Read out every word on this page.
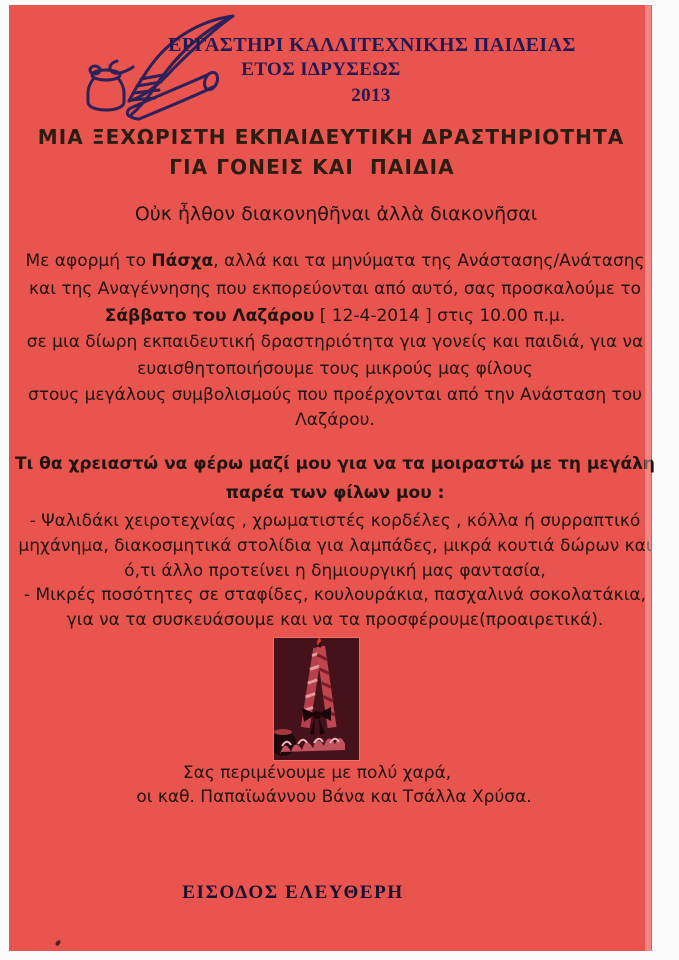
ΕΡΓΑΣΤΗΡΙ ΚΑΛΛΙΤΕΧΝΙΚΗΣ ΠΑΙΔΕΙΑΣ
ΕΤΟΣ ΙΔΡΥΣΕΩΣ
2013
ΜΙΑ ΞΕΧΩΡΙΣΤΗ ΕΚΠΑΙΔΕΥΤΙΚΗ ΔΡΑΣΤΗΡΙΟΤΗΤΑ
ΓΙΑ ΓΟΝΕΙΣ ΚΑΙ  ΠΑΙΔΙΑ
Οὐκ ἦλθον διακονηθῆναι ἀλλὰ διακονῆσαι
Με αφορμή το Πάσχα, αλλά και τα μηνύματα της Ανάστασης/Ανάτασης
και της Αναγέννησης που εκπορεύονται από αυτό, σας προσκαλούμε το
Σάββατο του Λαζάρου [ 12-4-2014 ] στις 10.00 π.μ.
σε μια δίωρη εκπαιδευτική δραστηριότητα για γονείς και παιδιά, για να
ευαισθητοποιήσουμε τους μικρούς μας φίλους
στους μεγάλους συμβολισμούς που προέρχονται από την Ανάσταση του
Λαζάρου.
Τι θα χρειαστώ να φέρω μαζί μου για να τα μοιραστώ με τη μεγάλη
παρέα των φίλων μου :
- Ψαλιδάκι χειροτεχνίας , χρωματιστές κορδέλες , κόλλα ή συρραπτικό
μηχάνημα, διακοσμητικά στολίδια για λαμπάδες, μικρά κουτιά δώρων και
ό,τι άλλο προτείνει η δημιουργική μας φαντασία,
- Μικρές ποσότητες σε σταφίδες, κουλουράκια, πασχαλινά σοκολατάκια,
για να τα συσκευάσουμε και να τα προσφέρουμε(προαιρετικά).
Σας περιμένουμε με πολύ χαρά,
οι καθ. Παπαϊωάννου Βάνα και Τσάλλα Χρύσα.
ΕΙΣΟΔΟΣ ΕΛΕΥΘΕΡΗ
